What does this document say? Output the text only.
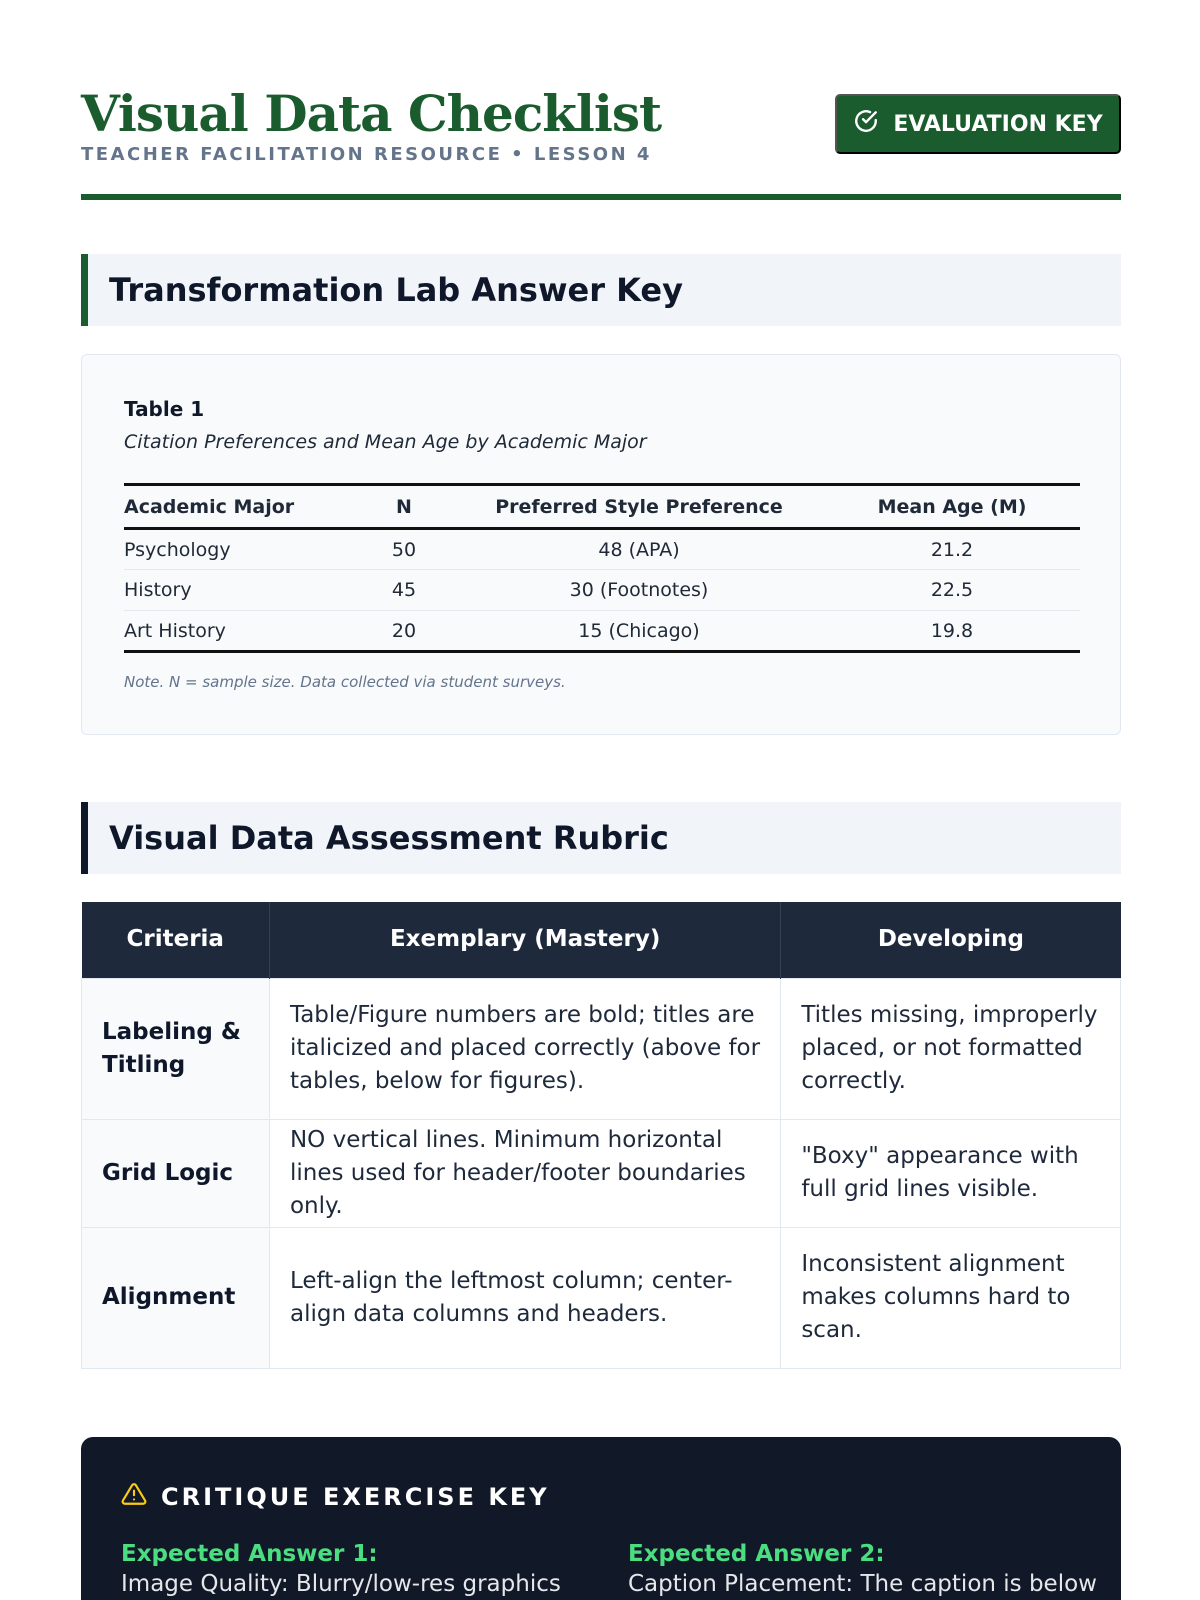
Visual Data Checklist
TEACHER FACILITATION RESOURCE • LESSON 4
EVALUATION KEY
Transformation Lab Answer Key
Table 1
Citation Preferences and Mean Age by Academic Major
Academic Major	N	Preferred Style Preference	Mean Age (M)
Psychology	50	48 (APA)	21.2
History	45	30 (Footnotes)	22.5
Art History	20	15 (Chicago)	19.8
Note. N = sample size. Data collected via student surveys.
Visual Data Assessment Rubric
Criteria	Exemplary (Mastery)	Developing
Labeling & Titling	Table/Figure numbers are bold; titles are italicized and placed correctly (above for tables, below for figures).	Titles missing, improperly placed, or not formatted correctly.
Grid Logic	NO vertical lines. Minimum horizontal lines used for header/footer boundaries only.	"Boxy" appearance with full grid lines visible.
Alignment	Left-align the leftmost column; center-align data columns and headers.	Inconsistent alignment makes columns hard to scan.
CRITIQUE EXERCISE KEY
Expected Answer 1:
Image Quality: Blurry/low-res graphics
Expected Answer 2:
Caption Placement: The caption is below
